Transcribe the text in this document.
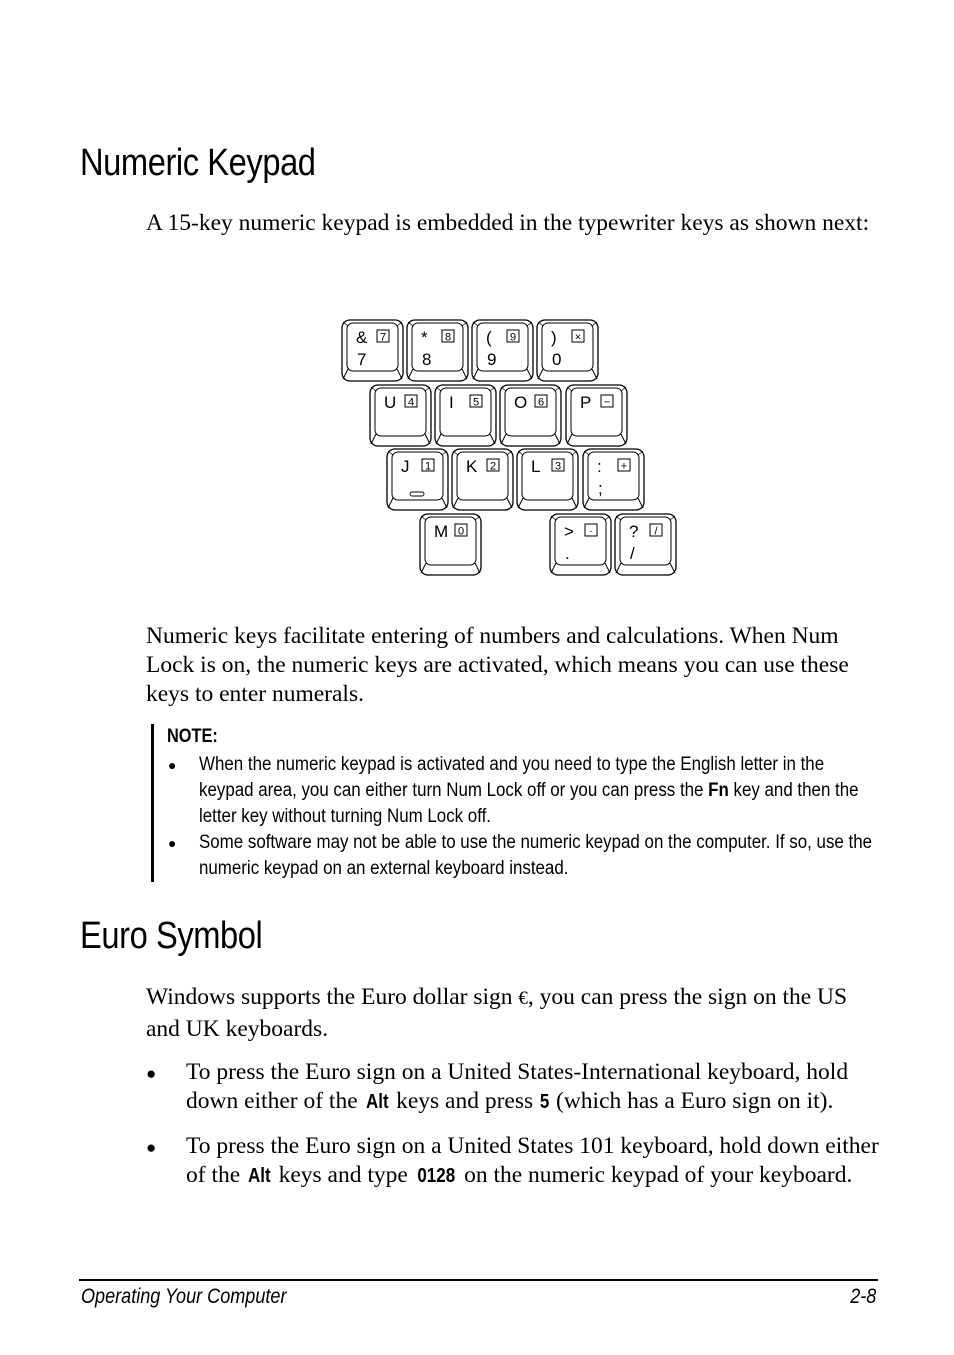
Numeric Keypad

A 15-key numeric keypad is embedded in the typewriter keys as shown next:

& 7
7
* 8
8
( 9
9
) ×
0
U 4 I 5 O 6 P −
J 1 K 2 L 3 : +
;
M 0	> ·
.
? /
/

Numeric keys facilitate entering of numbers and calculations. When Num Lock is on, the numeric keys are activated, which means you can use these keys to enter numerals.

NOTE:

● When the numeric keypad is activated and you need to type the English letter in the keypad area, you can either turn Num Lock off or you can press the Fn key and then the letter key without turning Num Lock off.
● Some software may not be able to use the numeric keypad on the computer. If so, use the numeric keypad on an external keyboard instead.
Euro Symbol

Windows supports the Euro dollar sign €, you can press the sign on the US and UK keyboards.

● To press the Euro sign on a United States-International keyboard, hold down either of the Alt keys and press 5 (which has a Euro sign on it).
● To press the Euro sign on a United States 101 keyboard, hold down either of the Alt keys and type 0128 on the numeric keypad of your keyboard.
Operating Your Computer	2-8
